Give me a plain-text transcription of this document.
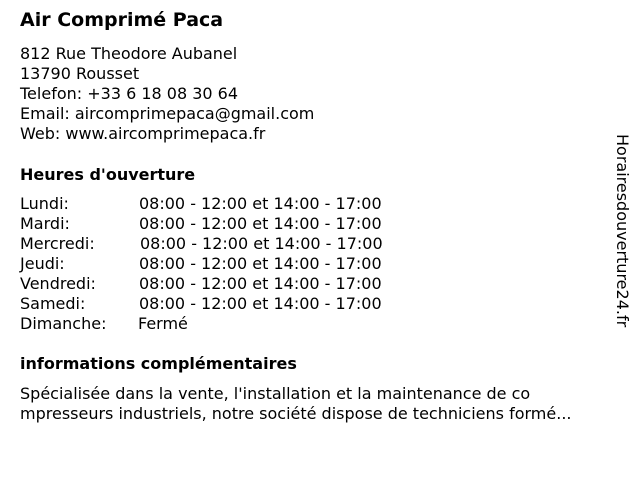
Air Comprimé Paca
812 Rue Theodore Aubanel
13790 Rousset
Telefon: +33 6 18 08 30 64
Email: aircomprimepaca@gmail.com
Web: www.aircomprimepaca.fr
Heures d'ouverture
Lundi:	08:00 - 12:00 et 14:00 - 17:00
Mardi:	08:00 - 12:00 et 14:00 - 17:00
Mercredi:	08:00 - 12:00 et 14:00 - 17:00
Jeudi:	08:00 - 12:00 et 14:00 - 17:00
Vendredi:	08:00 - 12:00 et 14:00 - 17:00
Samedi:	08:00 - 12:00 et 14:00 - 17:00
Dimanche: Fermé
informations complémentaires
Spécialisée dans la vente, l'installation et la maintenance de co
mpresseurs industriels, notre société dispose de techniciens formé...
Horairesdouverture24.fr
